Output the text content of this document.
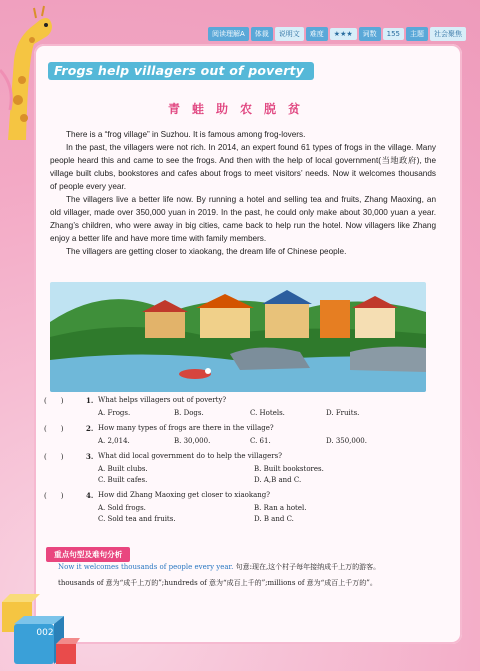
阅读理解A	体裁	说明文	难度	★★★	词数	155	主题	社会聚焦
Frogs help villagers out of poverty
青蛙助农脱贫

There is a “frog village” in Suzhou. It is famous among frog-lovers.

In the past, the villagers were not rich. In 2014, an expert found 61 types of frogs in the village. Many people heard this and came to see the frogs. And then with the help of local government(当地政府), the village built clubs, bookstores and cafes about frogs to meet visitors’ needs. Now it welcomes thousands of people every year.

The villagers live a better life now. By running a hotel and selling tea and fruits, Zhang Maoxing, an old villager, made over 350,000 yuan in 2019. In the past, he could only make about 30,000 yuan a year. Zhang’s children, who were away in big cities, came back to help run the hotel. Now villagers like Zhang enjoy a better life and have more time with family members.

The villagers are getting closer to xiaokang, the dream life of Chinese people.

(　　)	1. What helps villagers out of poverty?
A. Frogs.	B. Dogs.	C. Hotels.	D. Fruits.
(　　)	2. How many types of frogs are there in the village?
A. 2,014.	B. 30,000.	C. 61.	D. 350,000.
(　　)	3. What did local government do to help the villagers?
A. Built clubs.	B. Built bookstores.
C. Built cafes.	D. A,B and C.
(　　)	4. How did Zhang Maoxing get closer to xiaokang?
A. Sold frogs.	B. Ran a hotel.
C. Sold tea and fruits.	D. B and C.
重点句型及难句分析

Now it welcomes thousands of people every year. 句意:现在,这个村子每年接纳成千上万的游客。

thousands of 意为“成千上万的”;hundreds of 意为“成百上千的”;millions of 意为“成百上千万的”。

002
